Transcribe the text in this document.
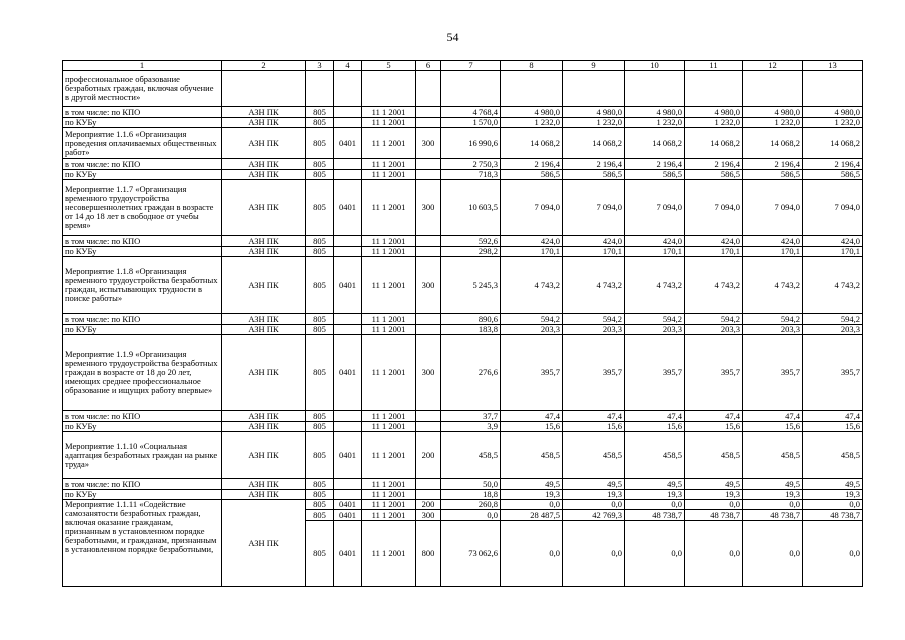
54
1	2	3	4	5	6	7	8	9	10	11	12	13
профессиональное образование безработных граждан, включая обучение в другой местности»												
в том числе: по КПО	АЗН ПК	805		11 1 2001		4 768,4	4 980,0	4 980,0	4 980,0	4 980,0	4 980,0	4 980,0
по КУБу	АЗН ПК	805		11 1 2001		1 570,0	1 232,0	1 232,0	1 232,0	1 232,0	1 232,0	1 232,0
Мероприятие 1.1.6 «Организация проведения оплачиваемых общественных работ»	АЗН ПК	805	0401	11 1 2001	300	16 990,6	14 068,2	14 068,2	14 068,2	14 068,2	14 068,2	14 068,2
в том числе: по КПО	АЗН ПК	805		11 1 2001		2 750,3	2 196,4	2 196,4	2 196,4	2 196,4	2 196,4	2 196,4
по КУБу	АЗН ПК	805		11 1 2001		718,3	586,5	586,5	586,5	586,5	586,5	586,5
Мероприятие 1.1.7 «Организация временного трудоустройства несовершеннолетних граждан в возрасте от 14 до 18 лет в свободное от учебы время»	АЗН ПК	805	0401	11 1 2001	300	10 603,5	7 094,0	7 094,0	7 094,0	7 094,0	7 094,0	7 094,0
в том числе: по КПО	АЗН ПК	805		11 1 2001		592,6	424,0	424,0	424,0	424,0	424,0	424,0
по КУБу	АЗН ПК	805		11 1 2001		298,2	170,1	170,1	170,1	170,1	170,1	170,1
Мероприятие 1.1.8 «Организация временного трудоустройства безработных граждан, испытывающих трудности в поиске работы»	АЗН ПК	805	0401	11 1 2001	300	5 245,3	4 743,2	4 743,2	4 743,2	4 743,2	4 743,2	4 743,2
в том числе: по КПО	АЗН ПК	805		11 1 2001		890,6	594,2	594,2	594,2	594,2	594,2	594,2
по КУБу	АЗН ПК	805		11 1 2001		183,8	203,3	203,3	203,3	203,3	203,3	203,3
Мероприятие 1.1.9 «Организация временного трудоустройства безработных граждан в возрасте от 18 до 20 лет, имеющих среднее профессиональное образование и ищущих работу впервые»	АЗН ПК	805	0401	11 1 2001	300	276,6	395,7	395,7	395,7	395,7	395,7	395,7
в том числе: по КПО	АЗН ПК	805		11 1 2001		37,7	47,4	47,4	47,4	47,4	47,4	47,4
по КУБу	АЗН ПК	805		11 1 2001		3,9	15,6	15,6	15,6	15,6	15,6	15,6
Мероприятие 1.1.10 «Социальная адаптация безработных граждан на рынке труда»	АЗН ПК	805	0401	11 1 2001	200	458,5	458,5	458,5	458,5	458,5	458,5	458,5
в том числе: по КПО	АЗН ПК	805		11 1 2001		50,0	49,5	49,5	49,5	49,5	49,5	49,5
по КУБу	АЗН ПК	805		11 1 2001		18,8	19,3	19,3	19,3	19,3	19,3	19,3
Мероприятие 1.1.11 «Содействие самозанятости безработных граждан, включая оказание гражданам, признанным в установленном порядке безработными, и гражданам, признанным в установленном порядке безработными,	АЗН ПК	805	0401	11 1 2001	200	260,8	0,0	0,0	0,0	0,0	0,0	0,0
		805	0401	11 1 2001	300	0,0	28 487,5	42 769,3	48 738,7	48 738,7	48 738,7	48 738,7
		805	0401	11 1 2001	800	73 062,6	0,0	0,0	0,0	0,0	0,0	0,0
